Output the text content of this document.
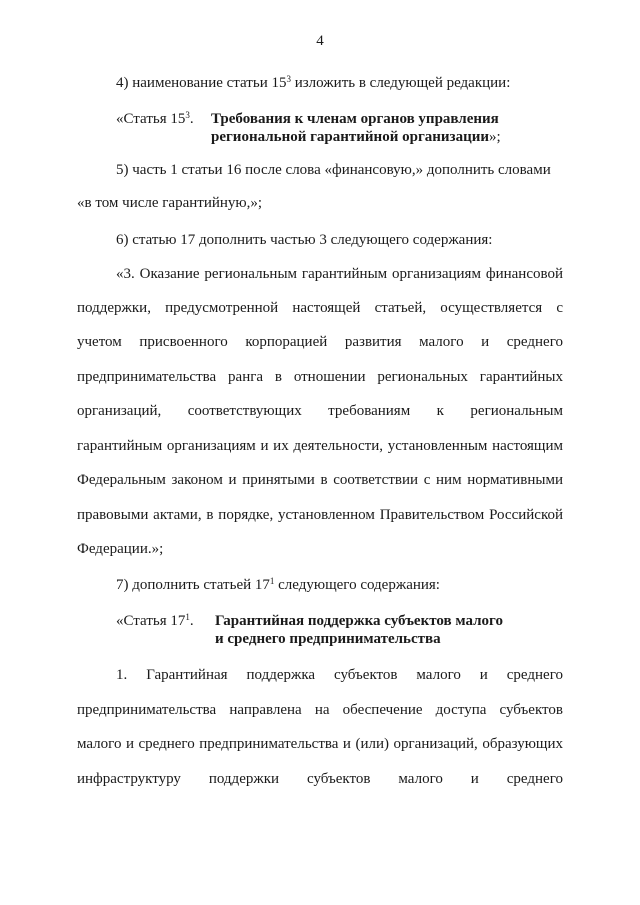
4
4) наименование статьи $15^3$ изложить в следующей редакции:
«Статья $15^3$. Требования к членам органов управления
региональной гарантийной организации»;
5) часть 1 статьи 16 после слова «финансовую,» дополнить словами
«в том числе гарантийную,»;
6) статью 17 дополнить частью 3 следующего содержания:
«3. Оказание региональным гарантийным организациям финансовой
поддержки, предусмотренной настоящей статьей, осуществляется с
учетом присвоенного корпорацией развития малого и среднего
предпринимательства ранга в отношении региональных гарантийных
организаций, соответствующих требованиям к региональным
гарантийным организациям и их деятельности, установленным настоящим
Федеральным законом и принятыми в соответствии с ним нормативными
правовыми актами, в порядке, установленном Правительством Российской
Федерации.»;
7) дополнить статьей $17^1$ следующего содержания:
«Статья $17^1$. Гарантийная поддержка субъектов малого
и среднего предпринимательства
1. Гарантийная поддержка субъектов малого и среднего
предпринимательства направлена на обеспечение доступа субъектов
малого и среднего предпринимательства и (или) организаций, образующих
инфраструктуру поддержки субъектов малого и среднего
